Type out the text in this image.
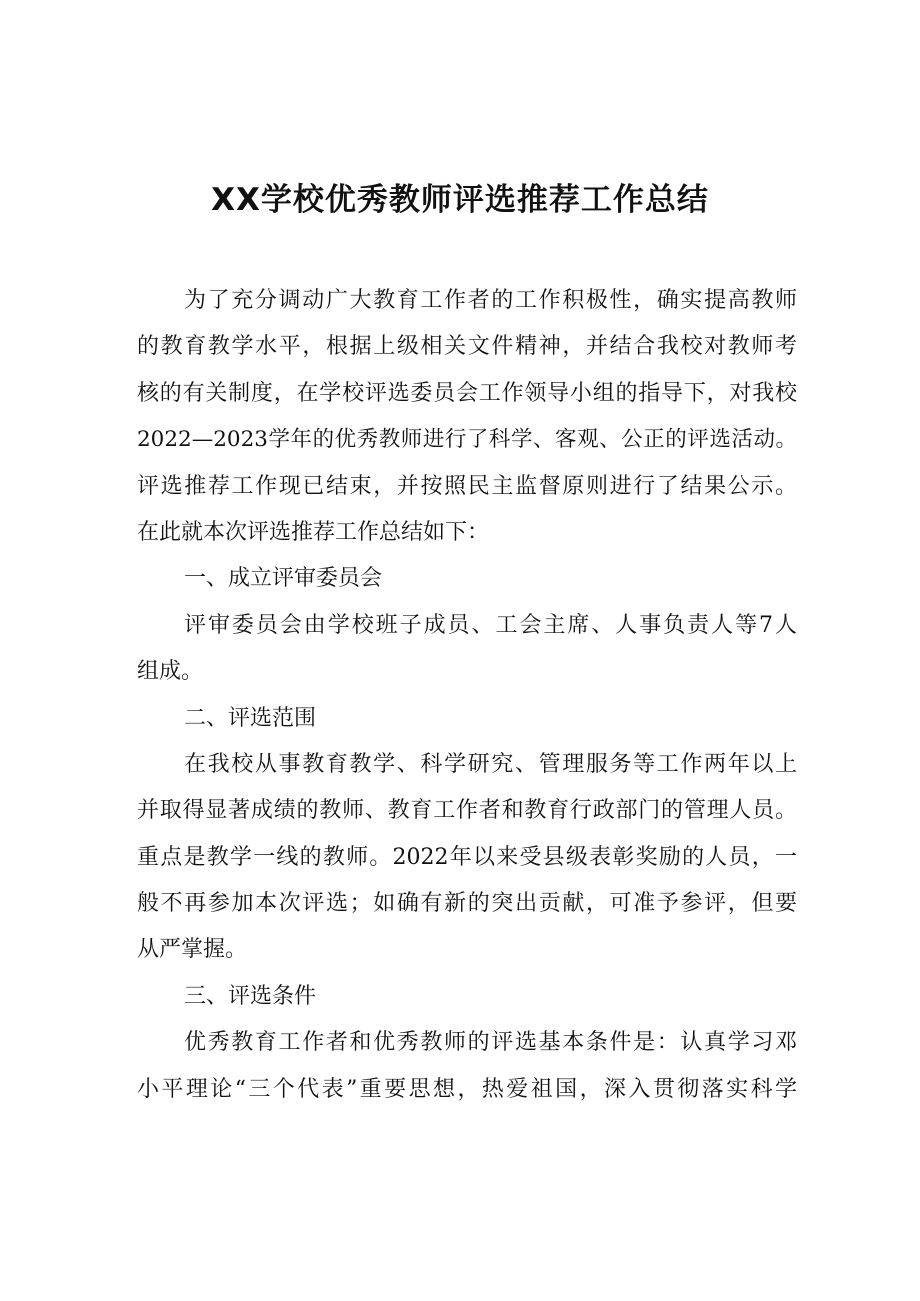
XX学校优秀教师评选推荐工作总结
为了充分调动广大教育工作者的工作积极性，确实提高教师
的教育教学水平，根据上级相关文件精神，并结合我校对教师考
核的有关制度，在学校评选委员会工作领导小组的指导下，对我校
2022—2023学年的优秀教师进行了科学、客观、公正的评选活动。
评选推荐工作现已结束，并按照民主监督原则进行了结果公示。
在此就本次评选推荐工作总结如下：
一、成立评审委员会
评审委员会由学校班子成员、工会主席、人事负责人等7人
组成。
二、评选范围
在我校从事教育教学、科学研究、管理服务等工作两年以上
并取得显著成绩的教师、教育工作者和教育行政部门的管理人员。
重点是教学一线的教师。2022年以来受县级表彰奖励的人员，一
般不再参加本次评选；如确有新的突出贡献，可准予参评，但要
从严掌握。
三、评选条件
优秀教育工作者和优秀教师的评选基本条件是：认真学习邓
小平理论“三个代表”重要思想，热爱祖国，深入贯彻落实科学
